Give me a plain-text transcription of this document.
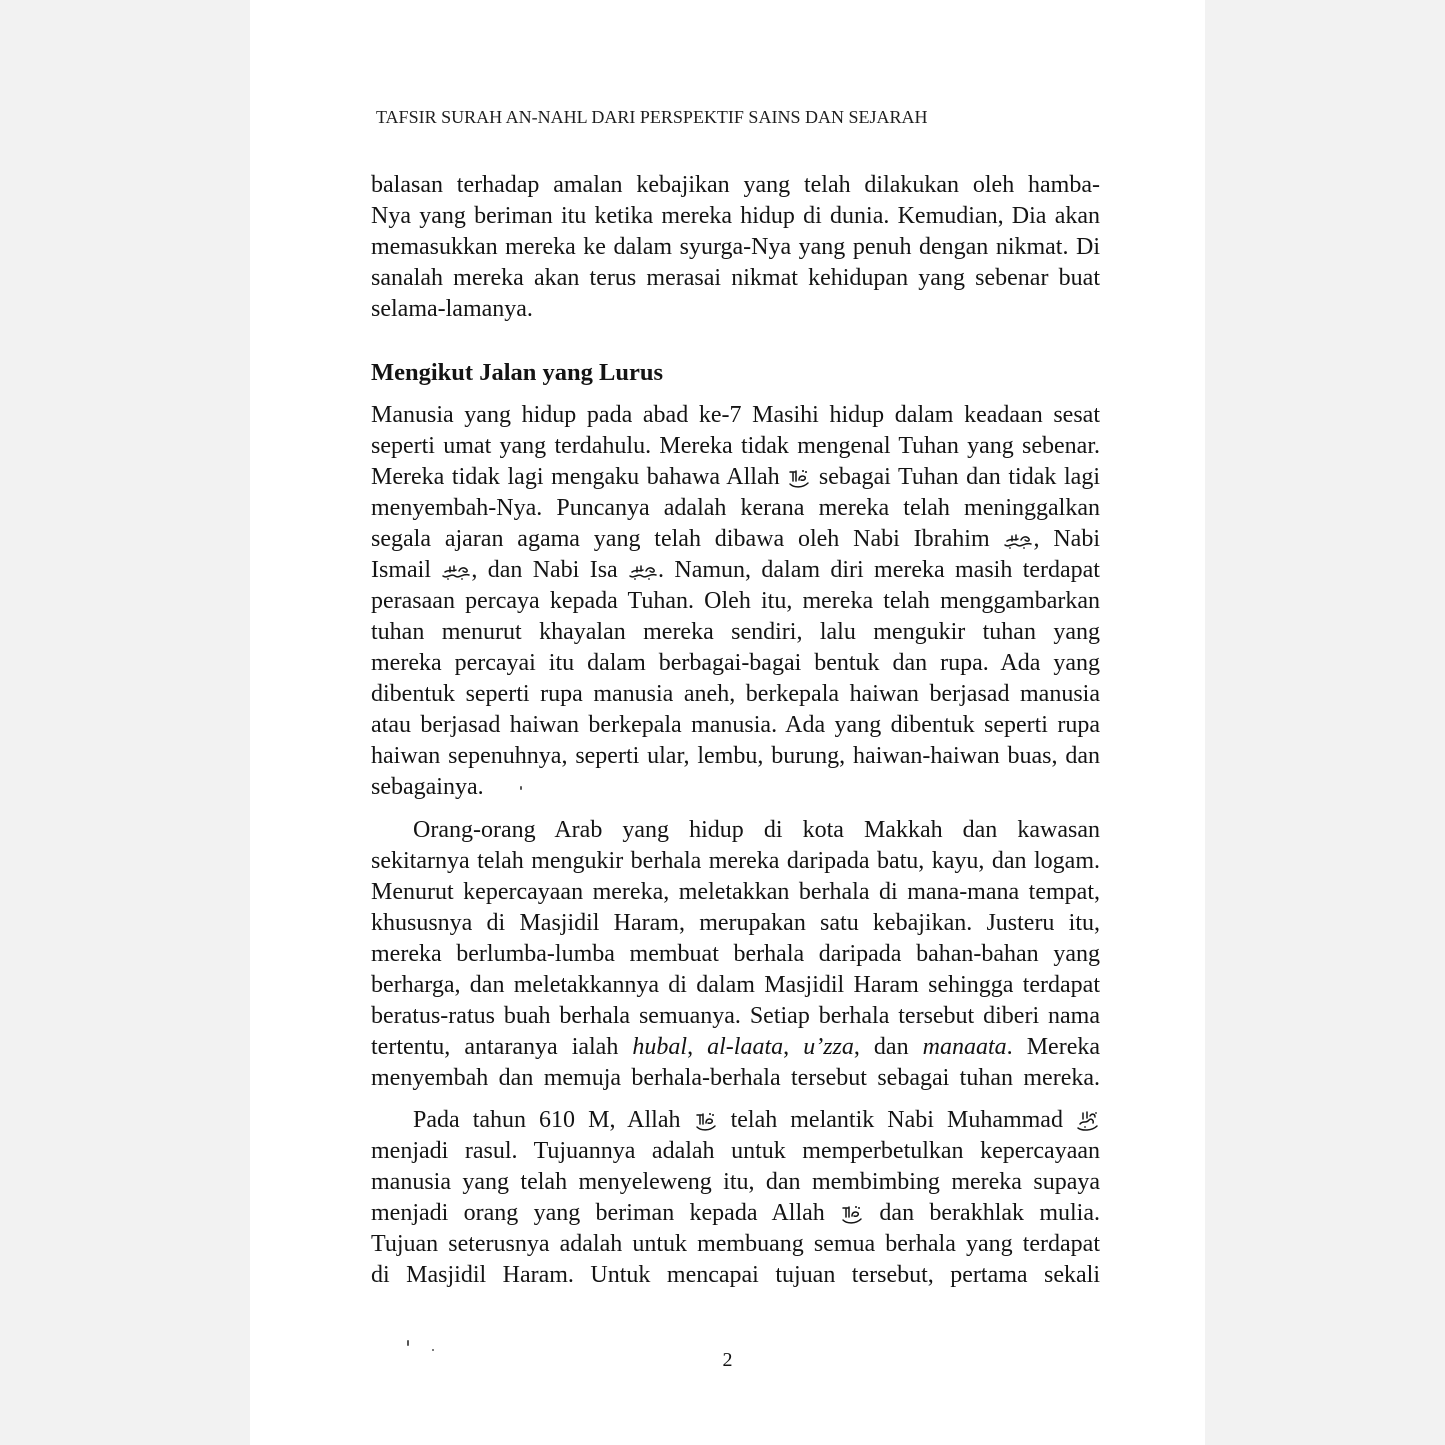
TAFSIR SURAH AN-NAHL DARI PERSPEKTIF SAINS DAN SEJARAH
balasan terhadap amalan kebajikan yang telah dilakukan oleh hamba-
Nya yang beriman itu ketika mereka hidup di dunia. Kemudian, Dia akan
memasukkan mereka ke dalam syurga-Nya yang penuh dengan nikmat. Di
sanalah mereka akan terus merasai nikmat kehidupan yang sebenar buat
selama-lamanya.
Mengikut Jalan yang Lurus
Manusia yang hidup pada abad ke-7 Masihi hidup dalam keadaan sesat
seperti umat yang terdahulu. Mereka tidak mengenal Tuhan yang sebenar.
Mereka tidak lagi mengaku bahawa Allah
sebagai Tuhan dan tidak lagi
menyembah-Nya. Puncanya adalah kerana mereka telah meninggalkan
segala ajaran agama yang telah dibawa oleh Nabi Ibrahim
, Nabi
Ismail
, dan Nabi Isa
. Namun, dalam diri mereka masih terdapat
perasaan percaya kepada Tuhan. Oleh itu, mereka telah menggambarkan
tuhan menurut khayalan mereka sendiri, lalu mengukir tuhan yang
mereka percayai itu dalam berbagai-bagai bentuk dan rupa. Ada yang
dibentuk seperti rupa manusia aneh, berkepala haiwan berjasad manusia
atau berjasad haiwan berkepala manusia. Ada yang dibentuk seperti rupa
haiwan sepenuhnya, seperti ular, lembu, burung, haiwan-haiwan buas, dan
sebagainya.
Orang-orang Arab yang hidup di kota Makkah dan kawasan
sekitarnya telah mengukir berhala mereka daripada batu, kayu, dan logam.
Menurut kepercayaan mereka, meletakkan berhala di mana-mana tempat,
khususnya di Masjidil Haram, merupakan satu kebajikan. Justeru itu,
mereka berlumba-lumba membuat berhala daripada bahan-bahan yang
berharga, dan meletakkannya di dalam Masjidil Haram sehingga terdapat
beratus-ratus buah berhala semuanya. Setiap berhala tersebut diberi nama
tertentu, antaranya ialah hubal, al-laata, u’zza, dan manaata. Mereka
menyembah dan memuja berhala-berhala tersebut sebagai tuhan mereka.
Pada tahun 610 M, Allah
telah melantik Nabi Muhammad
menjadi rasul. Tujuannya adalah untuk memperbetulkan kepercayaan
manusia yang telah menyeleweng itu, dan membimbing mereka supaya
menjadi orang yang beriman kepada Allah
dan berakhlak mulia.
Tujuan seterusnya adalah untuk membuang semua berhala yang terdapat
di Masjidil Haram. Untuk mencapai tujuan tersebut, pertama sekali
2
